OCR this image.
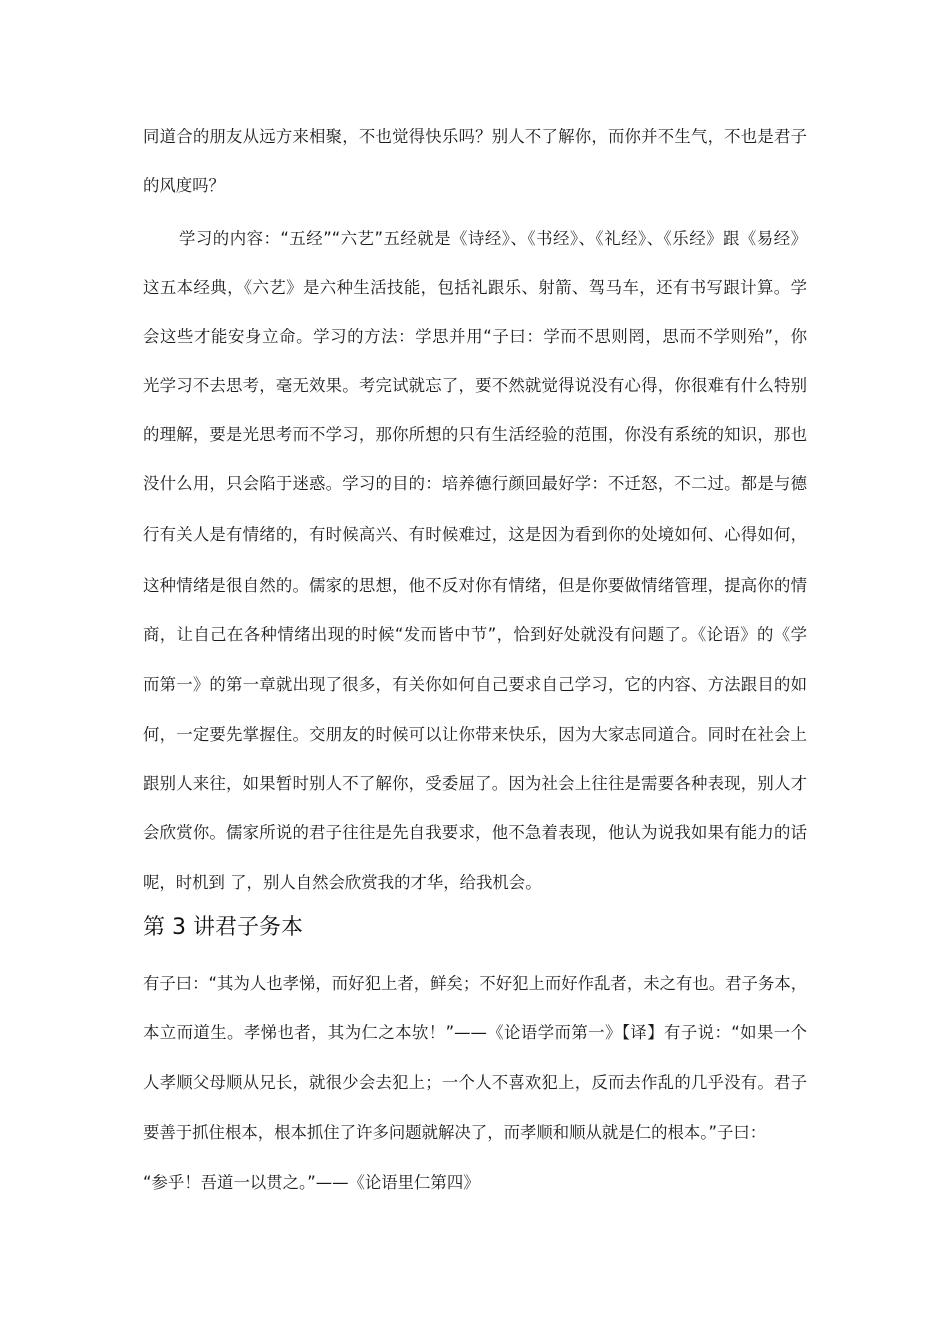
同道合的朋友从远方来相聚，不也觉得快乐吗？别人不了解你，而你并不生气，不也是君子
的风度吗？
学习的内容：“五经”“六艺”五经就是《诗经》、《书经》、《礼经》、《乐经》跟《易经》
这五本经典，《六艺》是六种生活技能，包括礼跟乐、射箭、驾马车，还有书写跟计算。学
会这些才能安身立命。学习的方法：学思并用“子曰：学而不思则罔，思而不学则殆”，你
光学习不去思考，毫无效果。考完试就忘了，要不然就觉得说没有心得，你很难有什么特别
的理解，要是光思考而不学习，那你所想的只有生活经验的范围，你没有系统的知识，那也
没什么用，只会陷于迷惑。学习的目的：培养德行颜回最好学：不迁怒，不二过。都是与德
行有关人是有情绪的，有时候高兴、有时候难过，这是因为看到你的处境如何、心得如何，
这种情绪是很自然的。儒家的思想，他不反对你有情绪，但是你要做情绪管理，提高你的情
商，让自己在各种情绪出现的时候“发而皆中节”，恰到好处就没有问题了。《论语》的《学
而第一》的第一章就出现了很多，有关你如何自己要求自己学习，它的内容、方法跟目的如
何，一定要先掌握住。交朋友的时候可以让你带来快乐，因为大家志同道合。同时在社会上
跟别人来往，如果暂时别人不了解你，受委屈了。因为社会上往往是需要各种表现，别人才
会欣赏你。儒家所说的君子往往是先自我要求，他不急着表现，他认为说我如果有能力的话
呢，时机到 了，别人自然会欣赏我的才华，给我机会。
第 3 讲君子务本
有子曰：“其为人也孝悌，而好犯上者，鲜矣；不好犯上而好作乱者，未之有也。君子务本，
本立而道生。孝悌也者，其为仁之本欤！”——《论语学而第一》【译】有子说：“如果一个
人孝顺父母顺从兄长，就很少会去犯上；一个人不喜欢犯上，反而去作乱的几乎没有。君子
要善于抓住根本，根本抓住了许多问题就解决了，而孝顺和顺从就是仁的根本。”子曰：
“参乎！吾道一以贯之。”——《论语里仁第四》
